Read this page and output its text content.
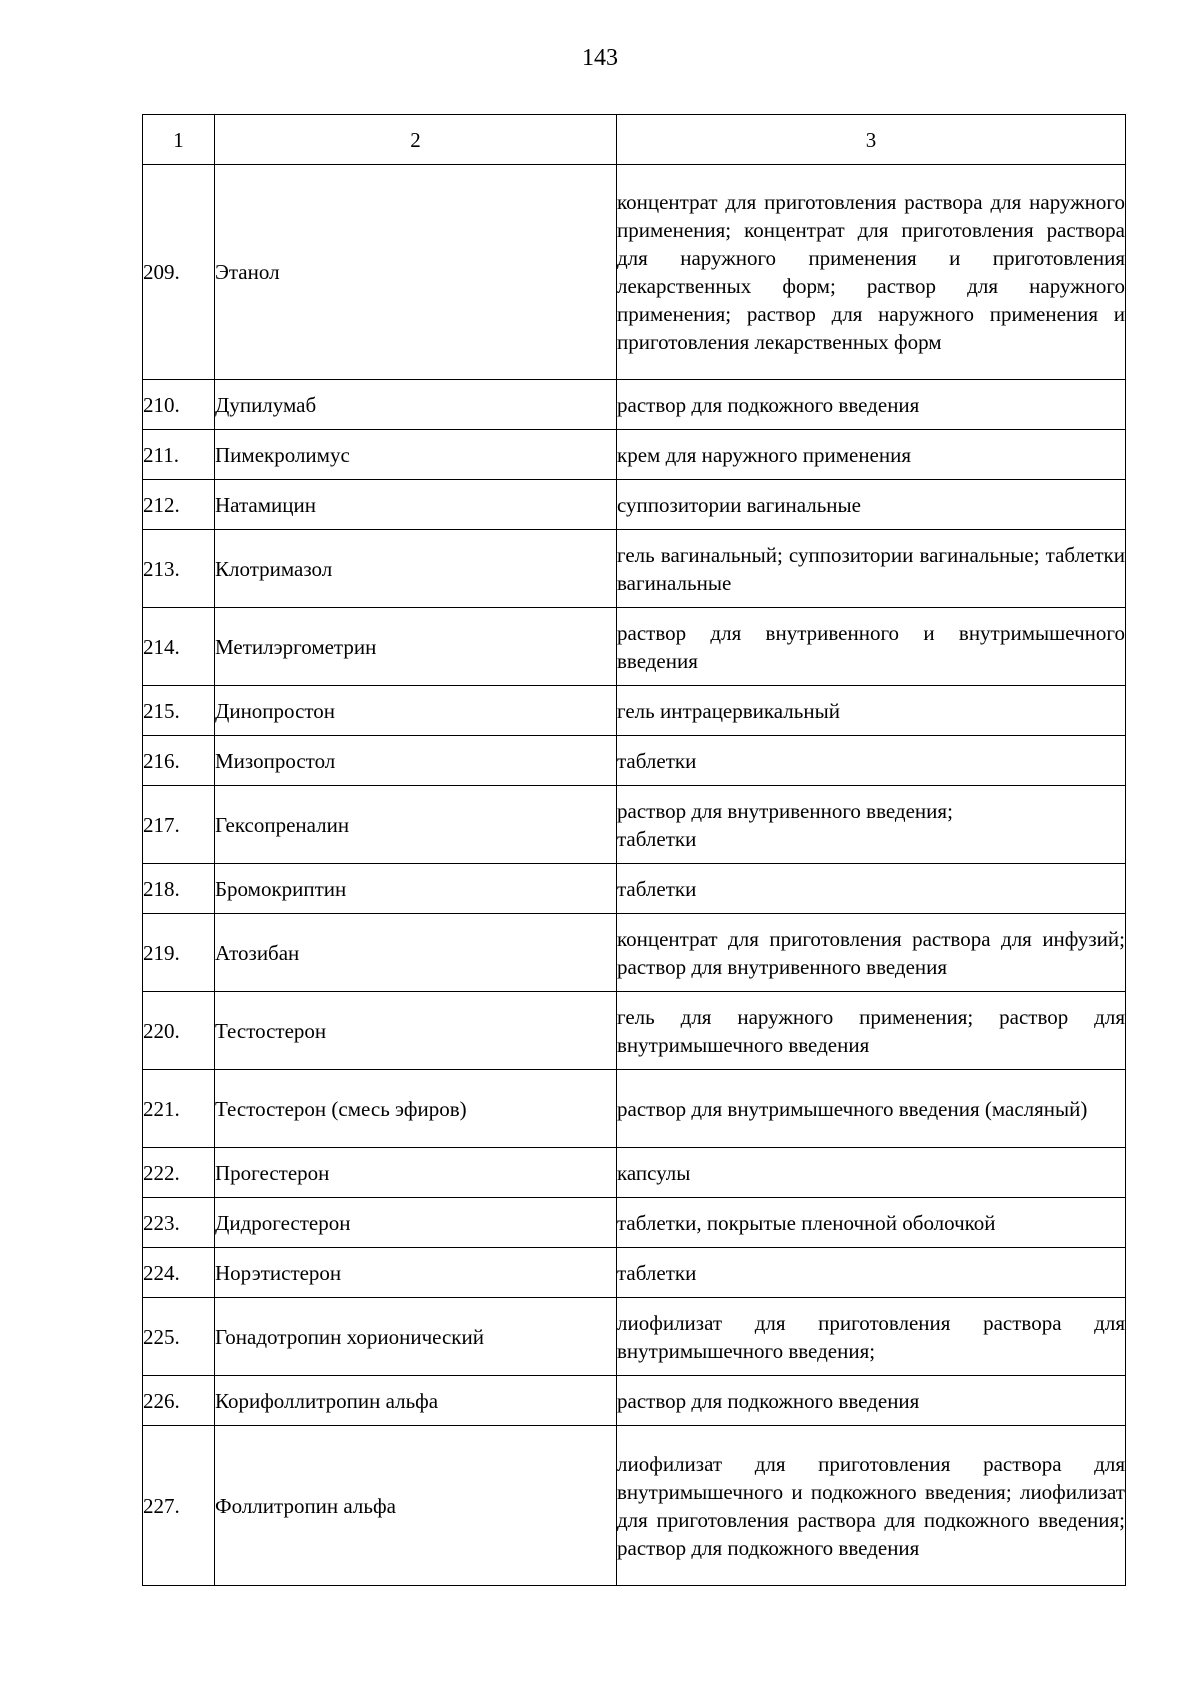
143
1	2	3
209.	Этанол	концентрат для приготовления раствора для наружного применения; концентрат для приготовления раствора для наружного применения и приготовления лекарственных форм; раствор для наружного применения; раствор для наружного применения и приготовления лекарственных форм
210.	Дупилумаб	раствор для подкожного введения
211.	Пимекролимус	крем для наружного применения
212.	Натамицин	суппозитории вагинальные
213.	Клотримазол	гель вагинальный; суппозитории вагинальные; таблетки вагинальные
214.	Метилэргометрин	раствор для внутривенного и внутримышечного введения
215.	Динопростон	гель интрацервикальный
216.	Мизопростол	таблетки
217.	Гексопреналин	раствор для внутривенного введения;
таблетки
218.	Бромокриптин	таблетки
219.	Атозибан	концентрат для приготовления раствора для инфузий; раствор для внутривенного введения
220.	Тестостерон	гель для наружного применения; раствор для внутримышечного введения
221.	Тестостерон (смесь эфиров)	раствор для внутримышечного введения (масляный)
222.	Прогестерон	капсулы
223.	Дидрогестерон	таблетки, покрытые пленочной оболочкой
224.	Норэтистерон	таблетки
225.	Гонадотропин хорионический	лиофилизат для приготовления раствора для внутримышечного введения;
226.	Корифоллитропин альфа	раствор для подкожного введения
227.	Фоллитропин альфа	лиофилизат для приготовления раствора для внутримышечного и подкожного введения; лиофилизат для приготовления раствора для подкожного введения; раствор для подкожного введения
